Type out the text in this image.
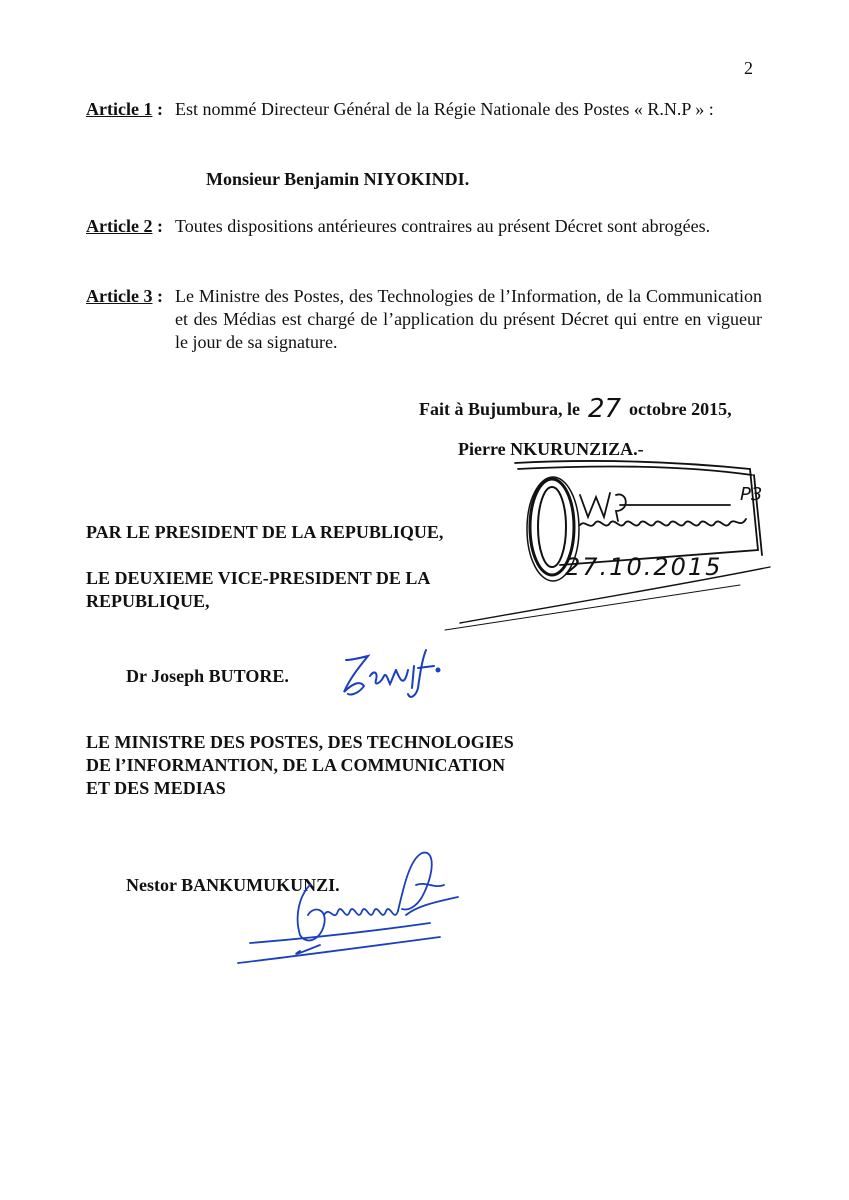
2
Article 1 : Est nommé Directeur Général de la Régie Nationale des Postes « R.N.P » :
Monsieur Benjamin NIYOKINDI.
Article 2 : Toutes dispositions antérieures contraires au présent Décret sont abrogées.
Article 3 : Le Ministre des Postes, des Technologies de l’Information, de la Communication et des Médias est chargé de l’application du présent Décret qui entre en vigueur le jour de sa signature.
Fait à Bujumbura, le 27 octobre 2015,
Pierre NKURUNZIZA.-
P3
27.10.2015
PAR LE PRESIDENT DE LA REPUBLIQUE,
LE DEUXIEME VICE-PRESIDENT DE LA
REPUBLIQUE,
Dr Joseph BUTORE.
LE MINISTRE DES POSTES, DES TECHNOLOGIES
DE l’INFORMANTION, DE LA COMMUNICATION
ET DES MEDIAS
Nestor BANKUMUKUNZI.
